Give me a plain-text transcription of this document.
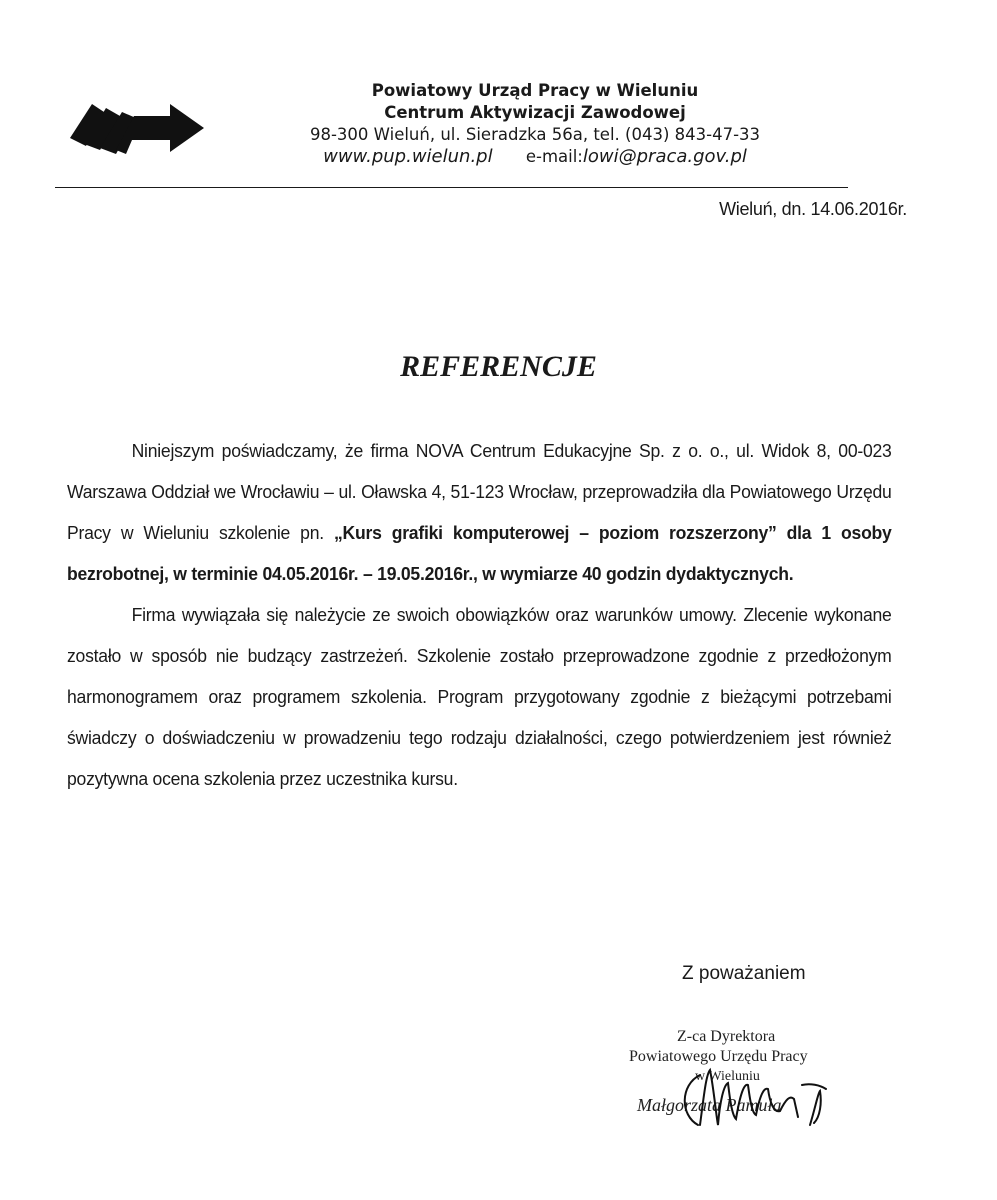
Powiatowy Urząd Pracy w Wieluniu
Centrum Aktywizacji Zawodowej
98-300 Wieluń, ul. Sieradzka 56a, tel. (043) 843-47-33
www.pup.wielun.pl e-mail:lowi@praca.gov.pl
Wieluń, dn. 14.06.2016r.
REFERENCJE

Niniejszym poświadczamy, że firma NOVA Centrum Edukacyjne Sp. z o. o., ul. Widok 8, 00-023 Warszawa Oddział we Wrocławiu – ul. Oławska 4, 51-123 Wrocław, przeprowadziła dla Powiatowego Urzędu Pracy w Wieluniu szkolenie pn. „Kurs grafiki komputerowej – poziom rozszerzony” dla 1 osoby bezrobotnej, w terminie 04.05.2016r. – 19.05.2016r., w wymiarze 40 godzin dydaktycznych.

Firma wywiązała się należycie ze swoich obowiązków oraz warunków umowy. Zlecenie wykonane zostało w sposób nie budzący zastrzeżeń. Szkolenie zostało przeprowadzone zgodnie z przedłożonym harmonogramem oraz programem szkolenia. Program przygotowany zgodnie z bieżącymi potrzebami świadczy o doświadczeniu w prowadzeniu tego rodzaju działalności, czego potwierdzeniem jest również pozytywna ocena szkolenia przez uczestnika kursu.

Z poważaniem
Z-ca Dyrektora
Powiatowego Urzędu Pracy
w Wieluniu
Małgorzata Pamuła
